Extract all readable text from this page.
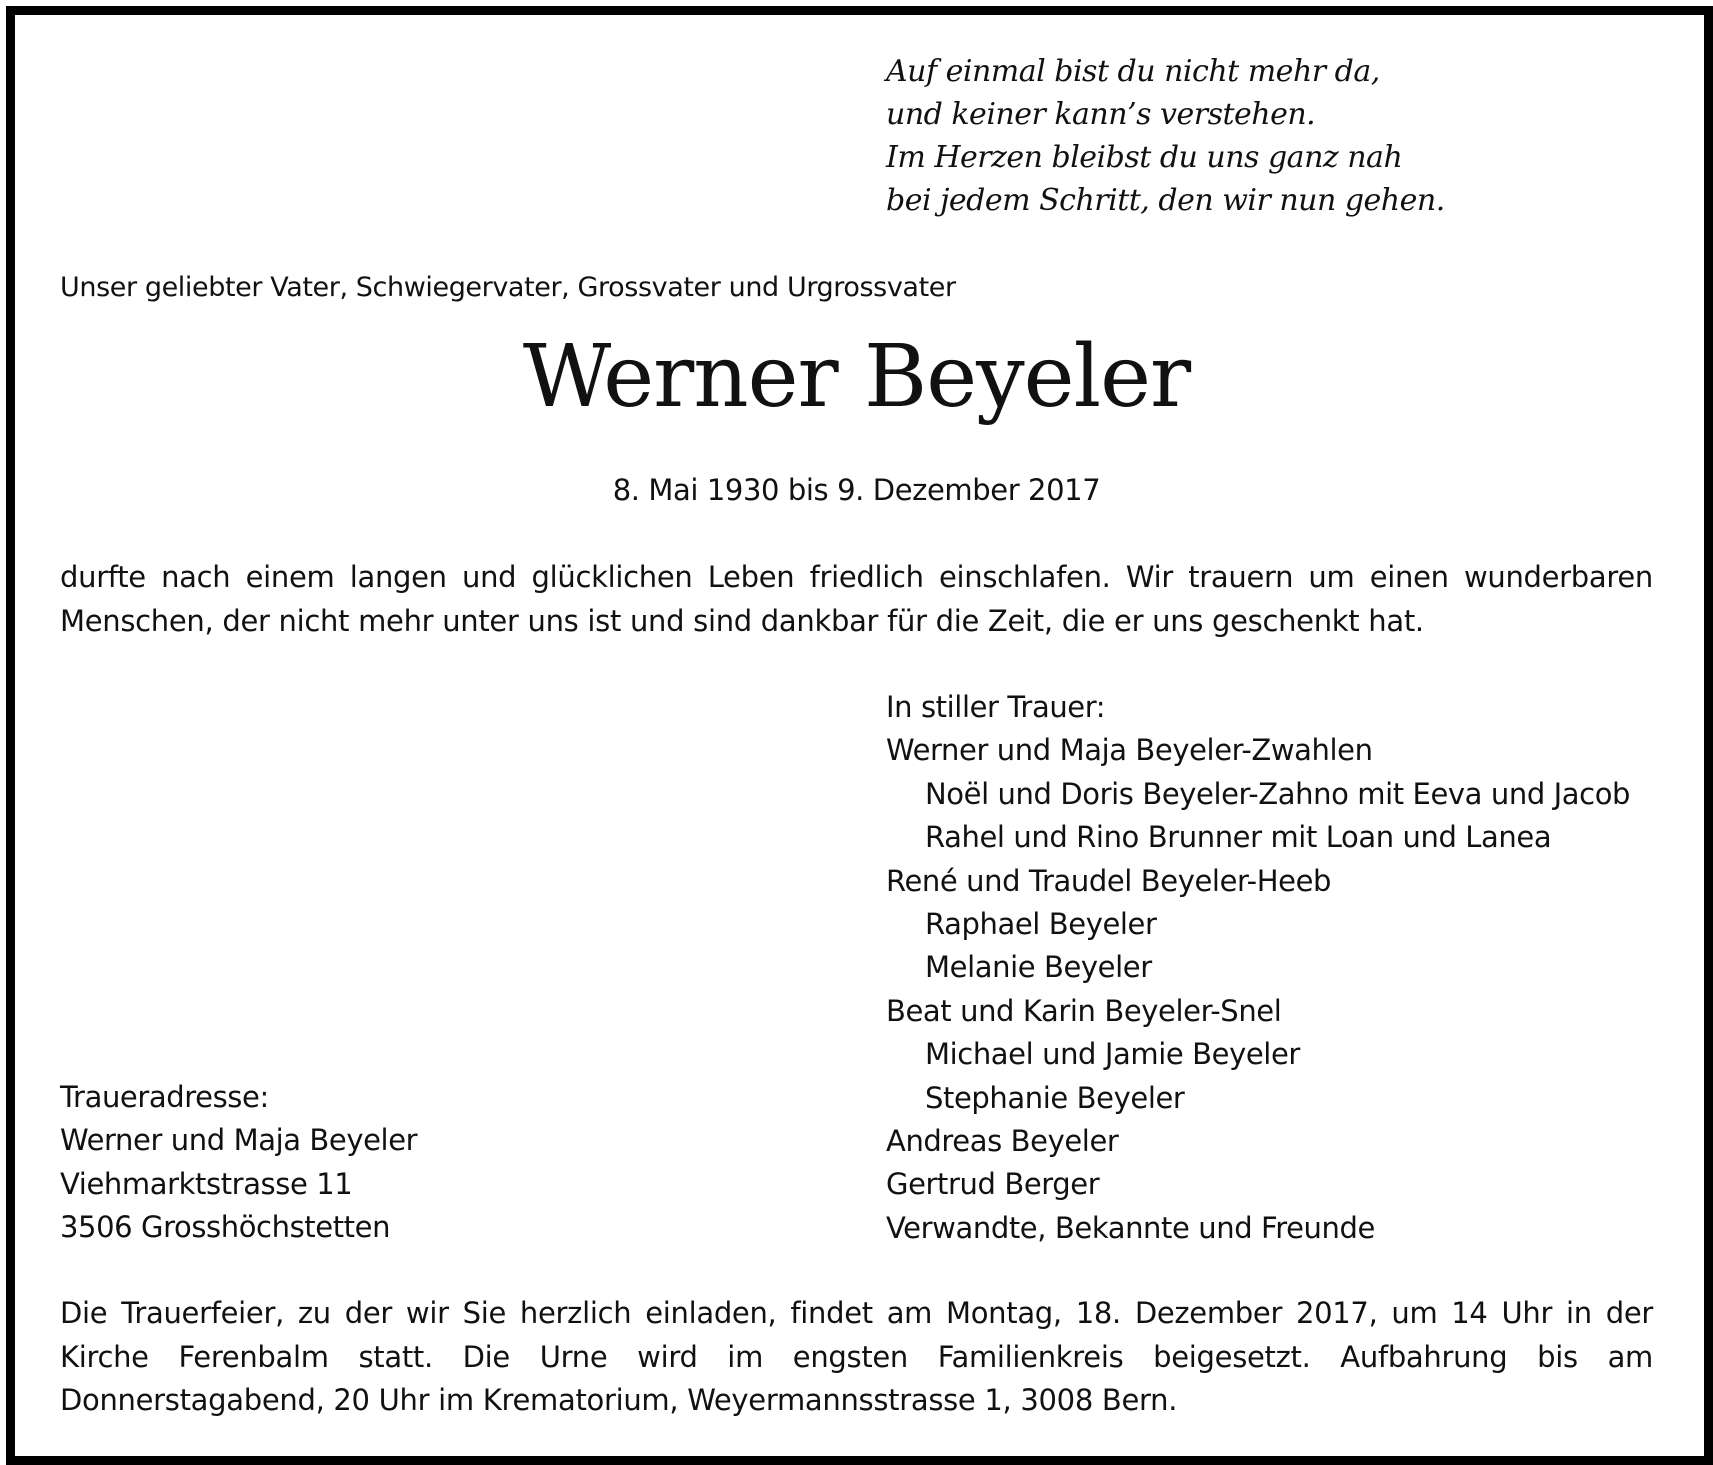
Auf einmal bist du nicht mehr da,
und keiner kann’s verstehen.
Im Herzen bleibst du uns ganz nah
bei jedem Schritt, den wir nun gehen.
Unser geliebter Vater, Schwiegervater, Grossvater und Urgrossvater
Werner Beyeler
8. Mai 1930 bis 9. Dezember 2017
durfte nach einem langen und glücklichen Leben friedlich einschlafen. Wir trauern um einen wunderbaren Menschen, der nicht mehr unter uns ist und sind dankbar für die Zeit, die er uns geschenkt hat.
In stiller Trauer:
Werner und Maja Beyeler-Zwahlen
Noël und Doris Beyeler-Zahno mit Eeva und Jacob
Rahel und Rino Brunner mit Loan und Lanea
René und Traudel Beyeler-Heeb
Raphael Beyeler
Melanie Beyeler
Beat und Karin Beyeler-Snel
Michael und Jamie Beyeler
Stephanie Beyeler
Andreas Beyeler
Gertrud Berger
Verwandte, Bekannte und Freunde
Traueradresse:
Werner und Maja Beyeler
Viehmarktstrasse 11
3506 Grosshöchstetten
Die Trauerfeier, zu der wir Sie herzlich einladen, findet am Montag, 18. Dezember 2017, um 14 Uhr in der Kirche Ferenbalm statt. Die Urne wird im engsten Familienkreis beigesetzt. Aufbahrung bis am Donnerstagabend, 20 Uhr im Krematorium, Weyermannsstrasse 1, 3008 Bern.
